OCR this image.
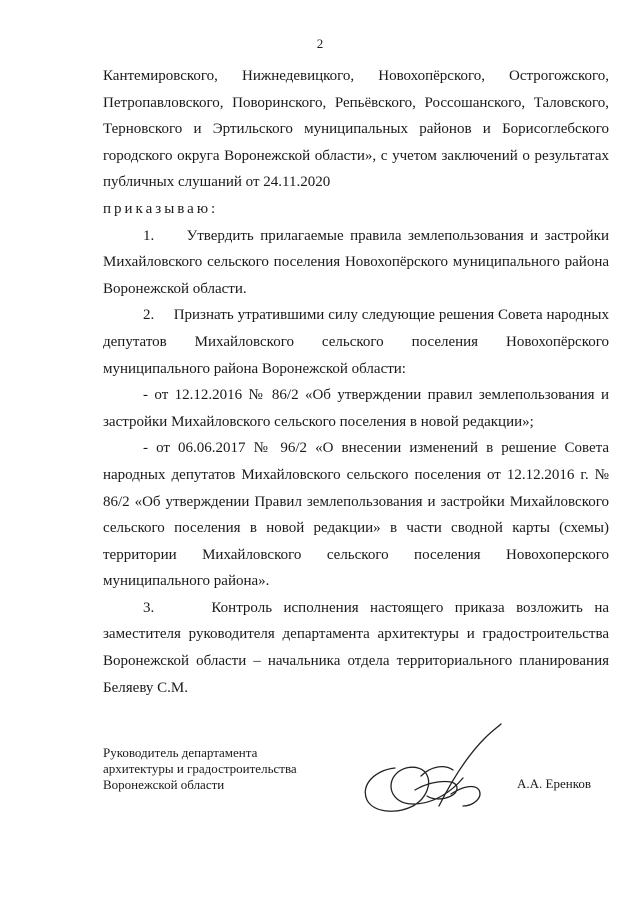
2

Кантемировского, Нижнедевицкого, Новохопёрского, Острогожского, Петропавловского, Поворинского, Репьёвского, Россошанского, Таловского, Терновского и Эртильского муниципальных районов и Борисоглебского городского округа Воронежской области», с учетом заключений о результатах публичных слушаний от 24.11.2020

приказываю:

1.     Утвердить прилагаемые правила землепользования и застройки Михайловского сельского поселения Новохопёрского муниципального района Воронежской области.

2.     Признать утратившими силу следующие решения Совета народных депутатов Михайловского сельского поселения Новохопёрского муниципального района Воронежской области:

- от 12.12.2016 № 86/2 «Об утверждении правил землепользования и застройки Михайловского сельского поселения в новой редакции»;

- от 06.06.2017 № 96/2 «О внесении изменений в решение Совета народных депутатов Михайловского сельского поселения от 12.12.2016 г. № 86/2 «Об утверждении Правил землепользования и застройки Михайловского сельского поселения в новой редакции» в части сводной карты (схемы) территории Михайловского сельского поселения Новохоперского муниципального района».

3.     Контроль исполнения настоящего приказа возложить на заместителя руководителя департамента архитектуры и градостроительства Воронежской области – начальника отдела территориального планирования Беляеву С.М.

Руководитель департамента
архитектуры и градостроительства
Воронежской области	А.А. Еренков
